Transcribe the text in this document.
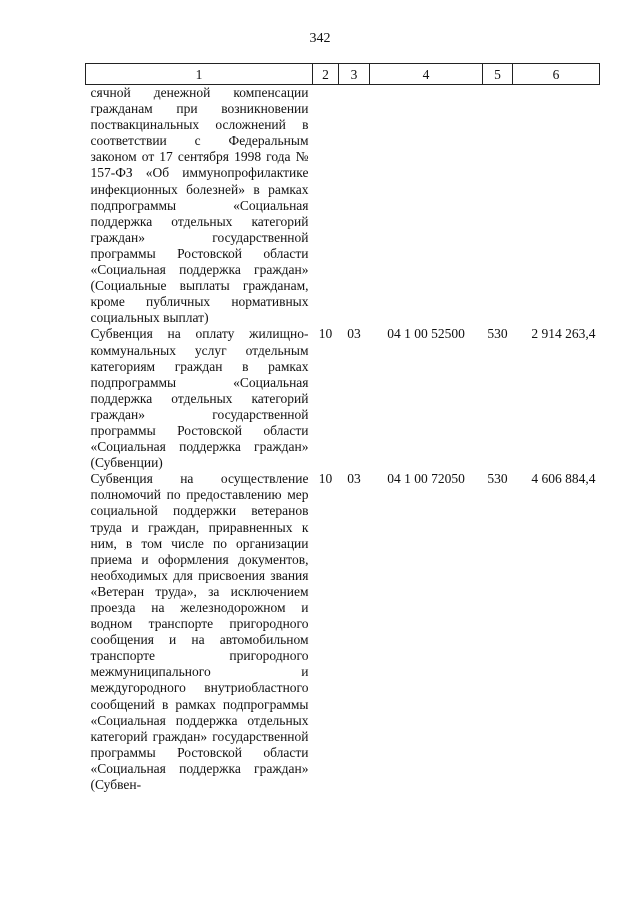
342
1	2	3	4	5	6
сячной денежной компенсации гражданам при возникновении поствакцинальных осложнений в соответствии с Федеральным законом от 17 сентября 1998 года № 157-ФЗ «Об иммунопрофилактике инфекционных болезней» в рамках подпрограммы «Социальная поддержка отдельных категорий граждан» государственной программы Ростовской области «Социальная поддержка граждан» (Социальные выплаты гражданам, кроме публичных нормативных социальных выплат)					
Субвенция на оплату жилищно-коммунальных услуг отдельным категориям граждан в рамках подпрограммы «Социальная поддержка отдельных категорий граждан» государственной программы Ростовской области «Социальная поддержка граждан» (Субвенции)	10	03	04 1 00 52500	530	2 914 263,4
Субвенция на осуществление полномочий по предоставлению мер социальной поддержки ветеранов труда и граждан, приравненных к ним, в том числе по организации приема и оформления документов, необходимых для присвоения звания «Ветеран труда», за исключением проезда на железнодорожном и водном транспорте пригородного сообщения и на автомобильном транспорте пригородного межмуниципального и междугородного внутриобластного сообщений в рамках подпрограммы «Социальная поддержка отдельных категорий граждан» государственной программы Ростовской области «Социальная поддержка граждан» (Субвен-	10	03	04 1 00 72050	530	4 606 884,4
